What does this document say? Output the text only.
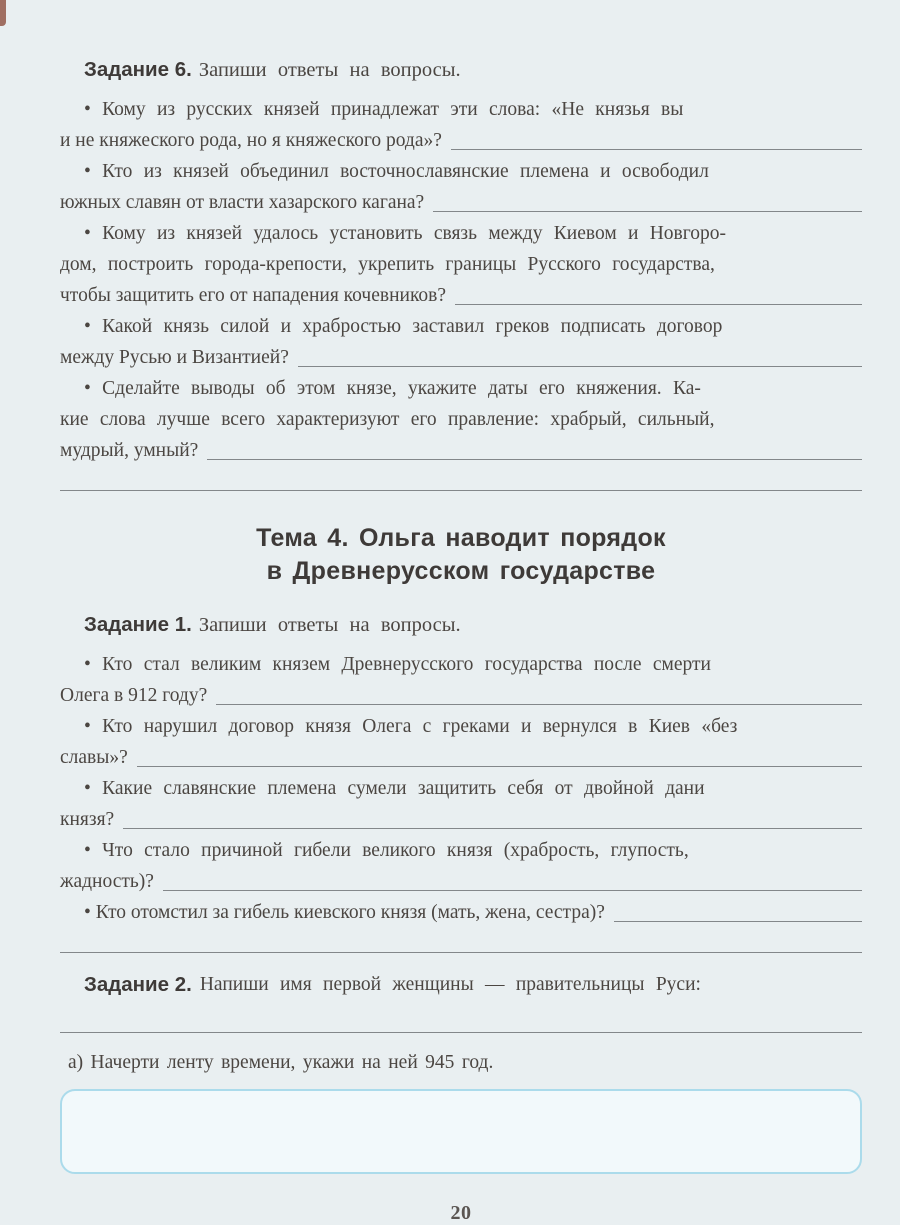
Задание 6. Запиши ответы на вопросы.
• Кому из русских князей принадлежат эти слова: «Не князья вы
и не княжеского рода, но я княжеского рода»?
• Кто из князей объединил восточнославянские племена и освободил
южных славян от власти хазарского кагана?
• Кому из князей удалось установить связь между Киевом и Новгоро-
дом, построить города-крепости, укрепить границы Русского государства,
чтобы защитить его от нападения кочевников?
• Какой князь силой и храбростью заставил греков подписать договор
между Русью и Византией?
• Сделайте выводы об этом князе, укажите даты его княжения. Ка-
кие слова лучше всего характеризуют его правление: храбрый, сильный,
мудрый, умный?
Тема 4. Ольга наводит порядок
в Древнерусском государстве
Задание 1. Запиши ответы на вопросы.
• Кто стал великим князем Древнерусского государства после смерти
Олега в 912 году?
• Кто нарушил договор князя Олега с греками и вернулся в Киев «без
славы»?
• Какие славянские племена сумели защитить себя от двойной дани
князя?
• Что стало причиной гибели великого князя (храбрость, глупость,
жадность)?
• Кто отомстил за гибель киевского князя (мать, жена, сестра)?
Задание 2. Напиши имя первой женщины — правительницы Руси:
а) Начерти ленту времени, укажи на ней 945 год.
20
